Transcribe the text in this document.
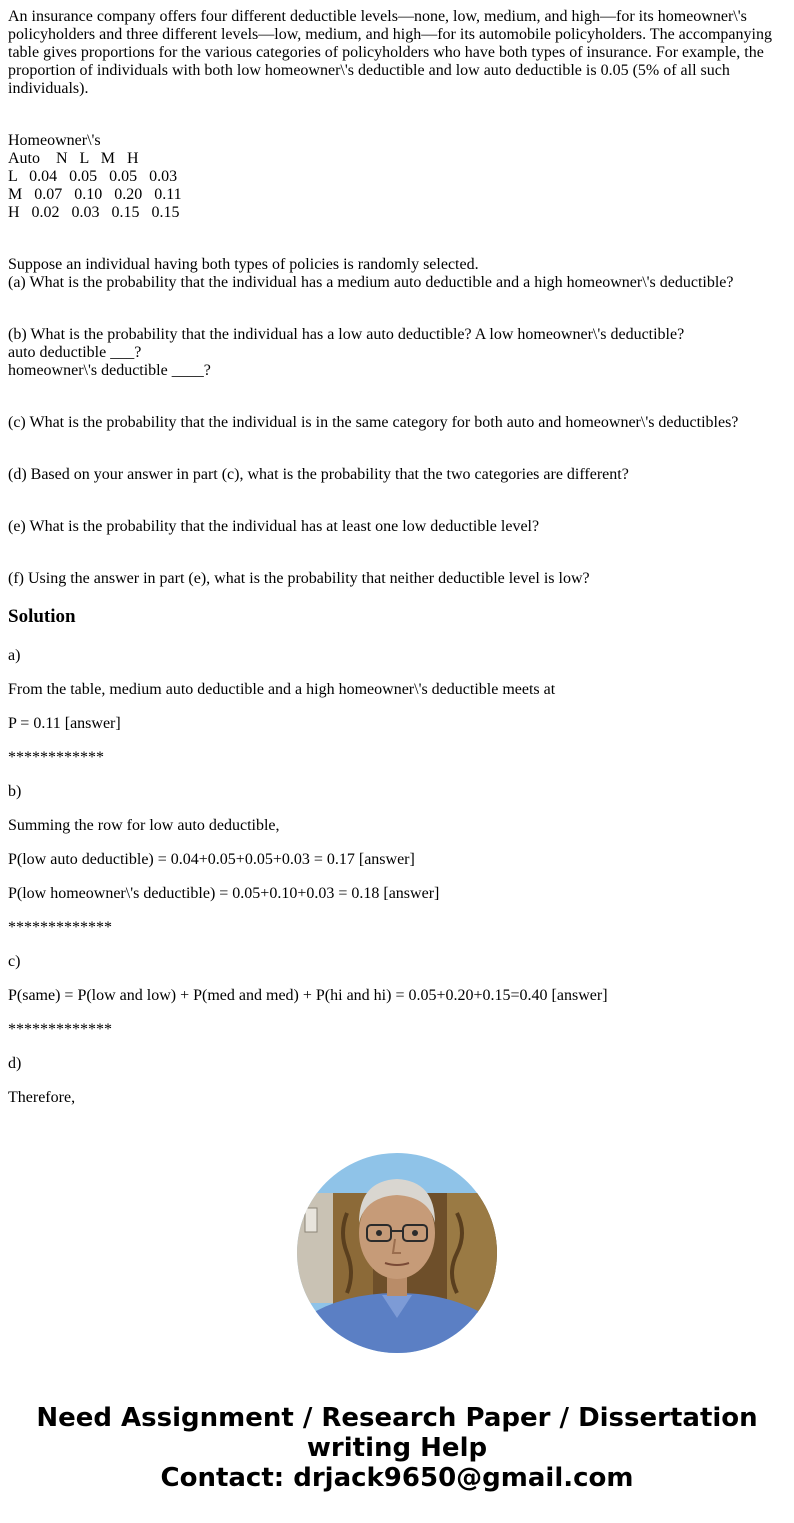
An insurance company offers four different deductible levels—none, low, medium, and high—for its homeowner\'s policyholders and three different levels—low, medium, and high—for its automobile policyholders. The accompanying table gives proportions for the various categories of policyholders who have both types of insurance. For example, the proportion of individuals with both low homeowner\'s deductible and low auto deductible is 0.05 (5% of all such individuals).
Homeowner\'s
Auto    N   L   M   H
L   0.04   0.05   0.05   0.03
M   0.07   0.10   0.20   0.11
H   0.02   0.03   0.15   0.15
Suppose an individual having both types of policies is randomly selected.
(a) What is the probability that the individual has a medium auto deductible and a high homeowner\'s deductible?
(b) What is the probability that the individual has a low auto deductible? A low homeowner\'s deductible?
auto deductible ___?
homeowner\'s deductible ____?
(c) What is the probability that the individual is in the same category for both auto and homeowner\'s deductibles?
(d) Based on your answer in part (c), what is the probability that the two categories are different?
(e) What is the probability that the individual has at least one low deductible level?
(f) Using the answer in part (e), what is the probability that neither deductible level is low?
Solution

a)

From the table, medium auto deductible and a high homeowner\'s deductible meets at

P = 0.11 [answer]

************

b)

Summing the row for low auto deductible,

P(low auto deductible) = 0.04+0.05+0.05+0.03 = 0.17 [answer]

P(low homeowner\'s deductible) = 0.05+0.10+0.03 = 0.18 [answer]

*************

c)

P(same) = P(low and low) + P(med and med) + P(hi and hi) = 0.05+0.20+0.15=0.40 [answer]

*************

d)

Therefore,

Need Assignment / Research Paper / Dissertation
writing Help
Contact: drjack9650@gmail.com
